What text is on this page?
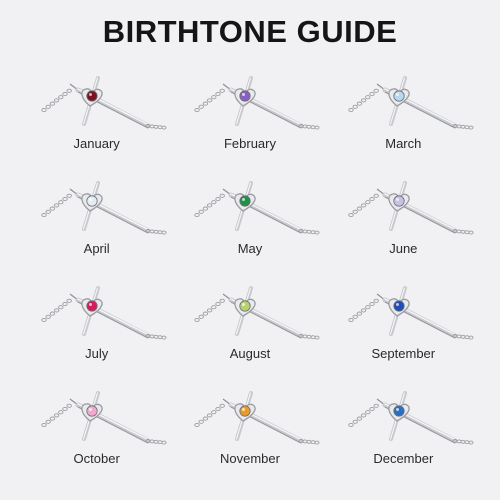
BIRTHTONE GUIDE
January	February	March
April	May	June
July	August	September
October	November	December
